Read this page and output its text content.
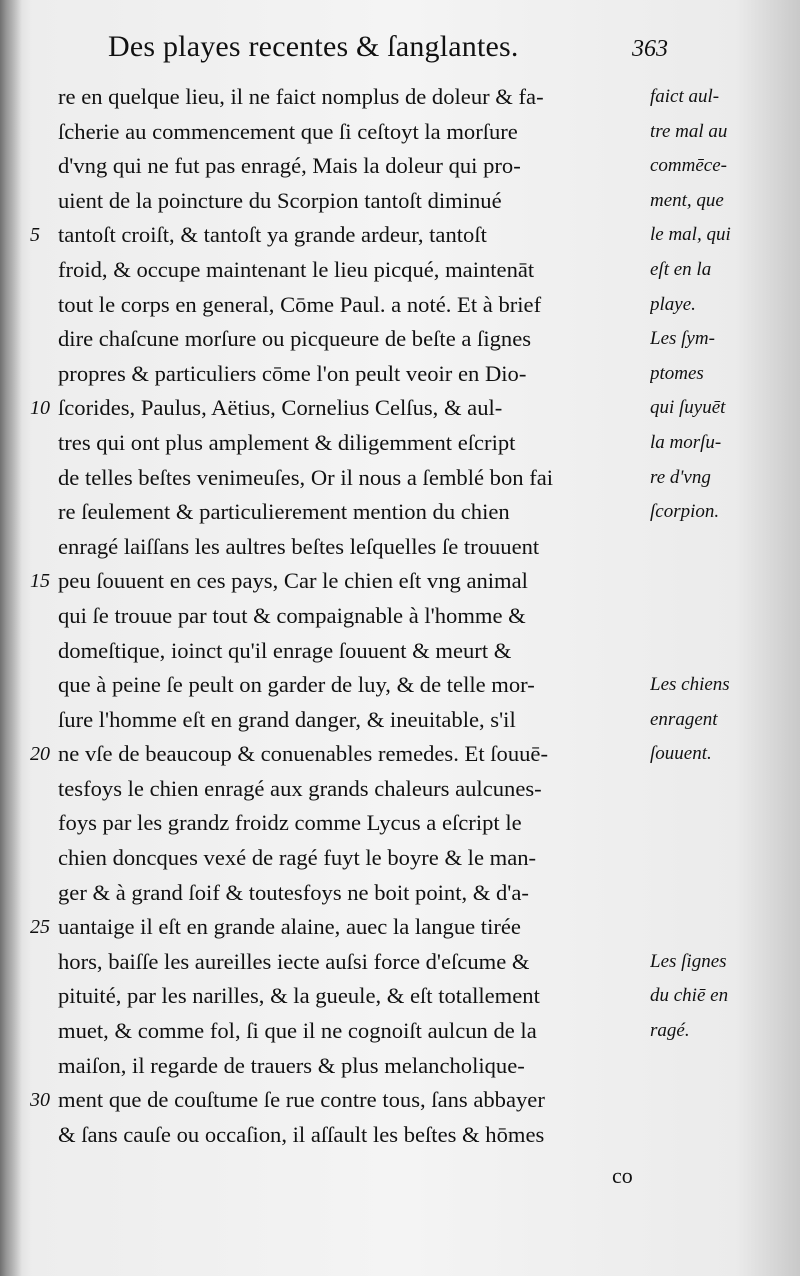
Des playes recentes & ſanglantes.	363
re en quelque lieu, il ne faict nomplus de doleur & fa-
ſcherie au commencement que ſi ceſtoyt la morſure
d'vng qui ne fut pas enragé, Mais la doleur qui pro-
uient de la poincture du Scorpion tantoſt diminué
5 tantoſt croiſt, & tantoſt ya grande ardeur, tantoſt
froid, & occupe maintenant le lieu picqué, maintenāt
tout le corps en general, Cōme Paul. a noté. Et à brief
dire chaſcune morſure ou picqueure de beſte a ſignes
propres & particuliers cōme l'on peult veoir en Dio-
10 ſcorides, Paulus, Aëtius, Cornelius Celſus, & aul-
tres qui ont plus amplement & diligemment eſcript
de telles beſtes venimeuſes, Or il nous a ſemblé bon fai
re ſeulement & particulierement mention du chien
enragé laiſſans les aultres beſtes leſquelles ſe trouuent
15 peu ſouuent en ces pays, Car le chien eſt vng animal
qui ſe trouue par tout & compaignable à l'homme &
domeſtique, ioinct qu'il enrage ſouuent & meurt &
que à peine ſe peult on garder de luy, & de telle mor-
ſure l'homme eſt en grand danger, & ineuitable, s'il
20 ne vſe de beaucoup & conuenables remedes. Et ſouuē-
tesfoys le chien enragé aux grands chaleurs aulcunes-
foys par les grandz froidz comme Lycus a eſcript le
chien doncques vexé de ragé fuyt le boyre & le man-
ger & à grand ſoif & toutesfoys ne boit point, & d'a-
25 uantaige il eſt en grande alaine, auec la langue tirée
hors, baiſſe les aureilles iecte auſsi force d'eſcume &
pituité, par les narilles, & la gueule, & eſt totallement
muet, & comme fol, ſi que il ne cognoiſt aulcun de la
maiſon, il regarde de trauers & plus melancholique-
30 ment que de couſtume ſe rue contre tous, ſans abbayer
& ſans cauſe ou occaſion, il aſſault les beſtes & hōmes
faict aul-
tre mal au
commēce-
ment, que
le mal, qui
eſt en la
playe.
Les ſym-
ptomes
qui ſuyuēt
la morſu-
re d'vng
ſcorpion.
Les chiens
enragent
ſouuent.
Les ſignes
du chiē en
ragé.
co
